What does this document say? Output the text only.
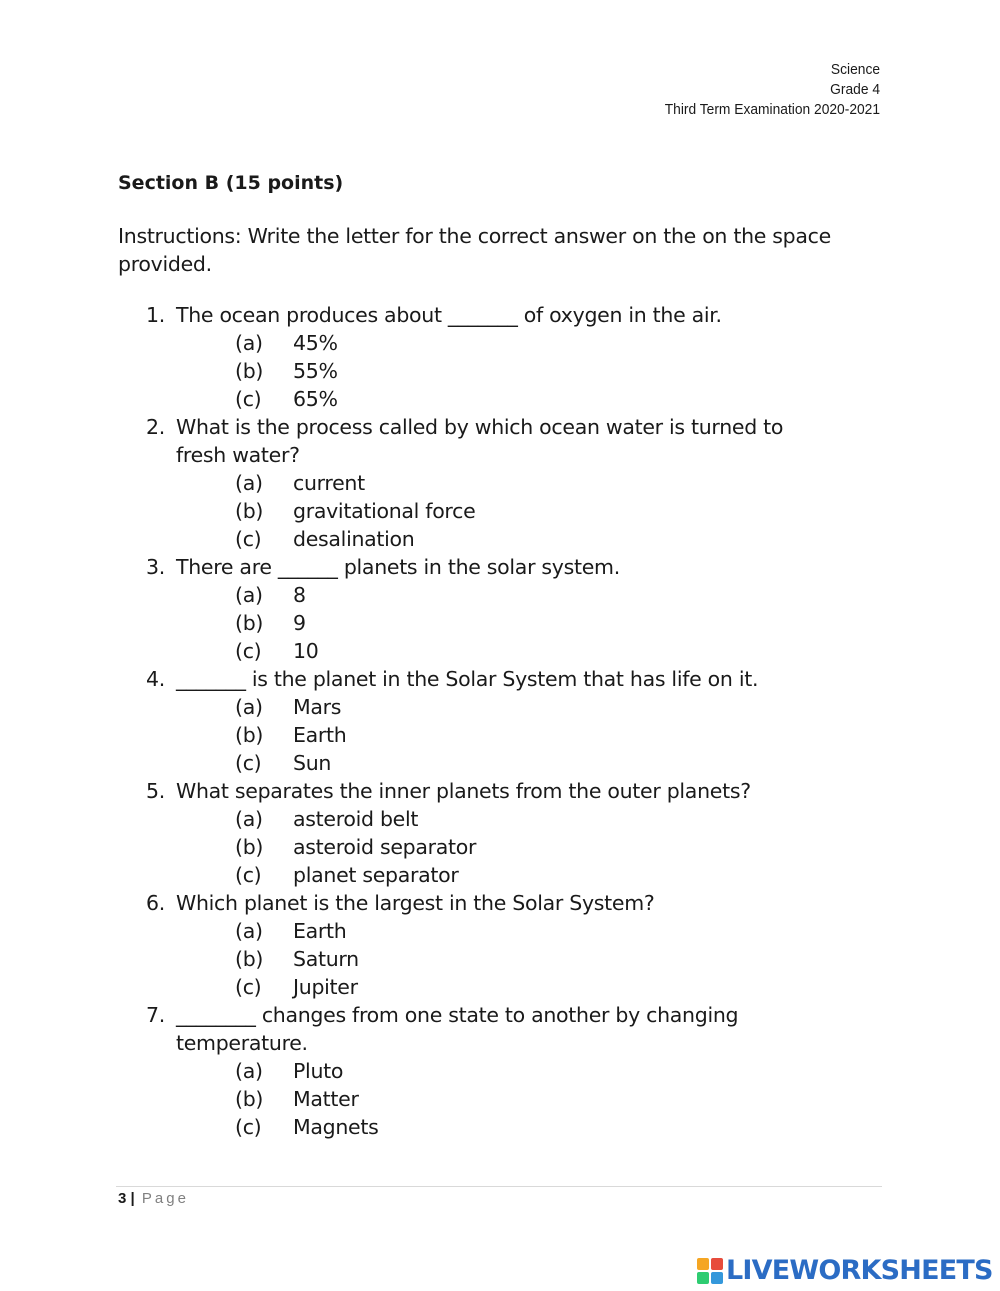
Science
Grade 4
Third Term Examination 2020-2021
Section B (15 points)
Instructions: Write the letter for the correct answer on the on the space provided.
1. The ocean produces about _______ of oxygen in the air.
(a) 45%
(b) 55%
(c) 65%
2. What is the process called by which ocean water is turned to
fresh water?
(a) current
(b) gravitational force
(c) desalination
3. There are ______ planets in the solar system.
(a) 8
(b) 9
(c) 10
4. _______ is the planet in the Solar System that has life on it.
(a) Mars
(b) Earth
(c) Sun
5. What separates the inner planets from the outer planets?
(a) asteroid belt
(b) asteroid separator
(c) planet separator
6. Which planet is the largest in the Solar System?
(a) Earth
(b) Saturn
(c) Jupiter
7. ________ changes from one state to another by changing
temperature.
(a) Pluto
(b) Matter
(c) Magnets
3 | Page
LIVEWORKSHEETS
